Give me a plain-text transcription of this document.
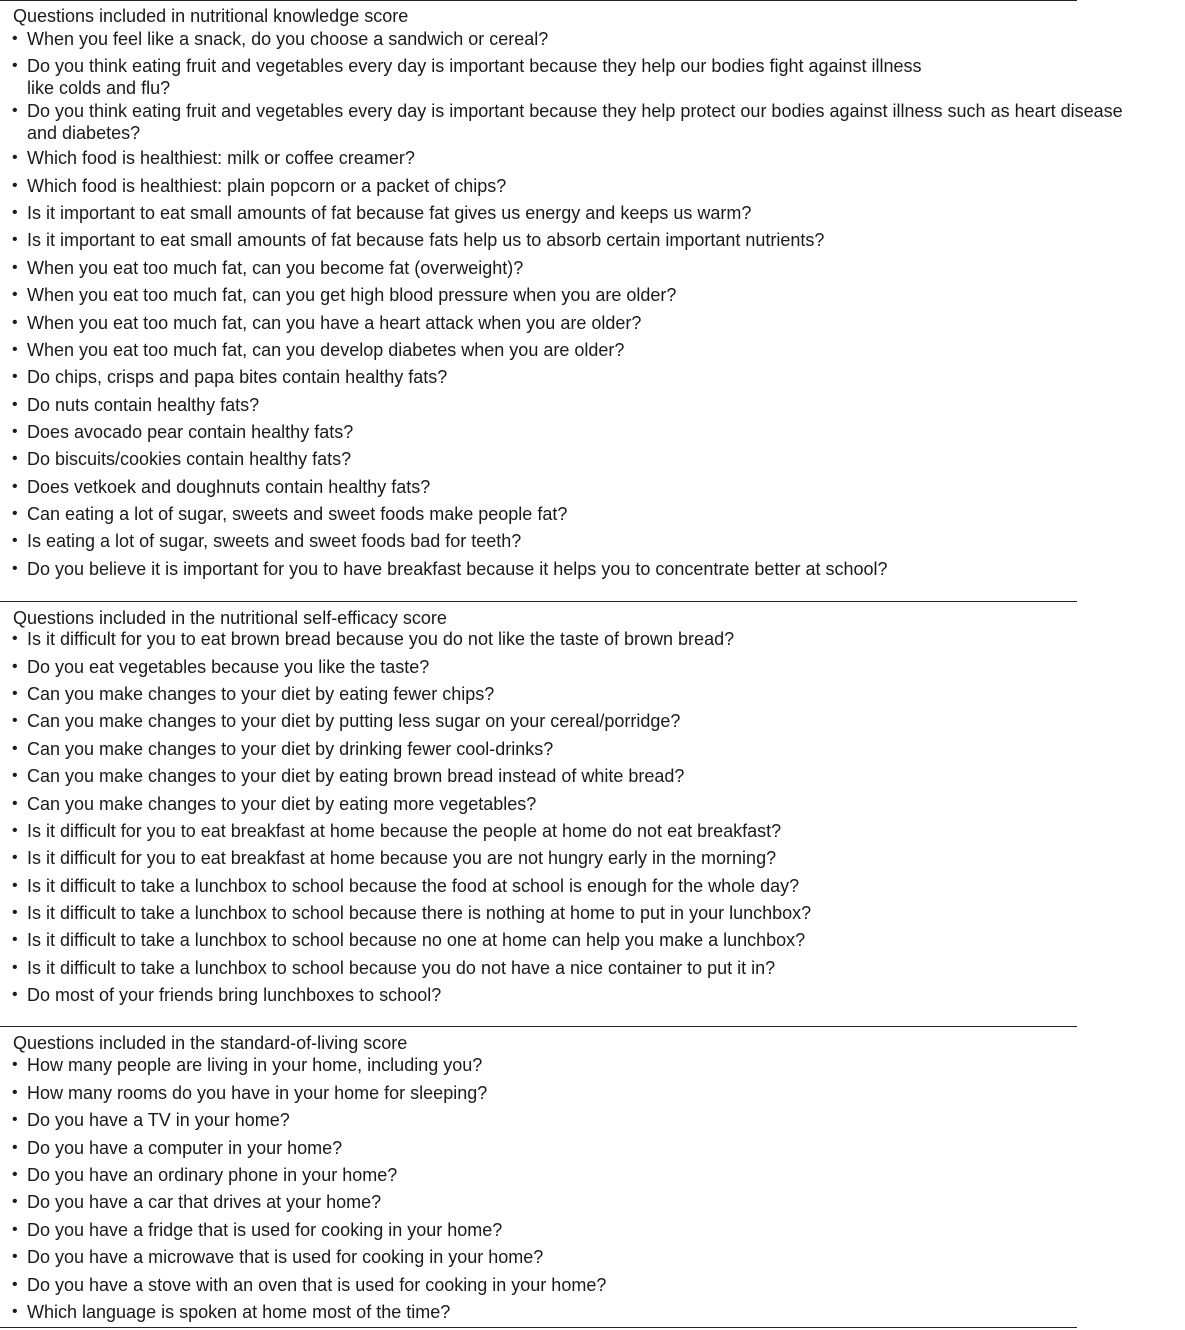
Questions included in nutritional knowledge score
• When you feel like a snack, do you choose a sandwich or cereal?
• Do you think eating fruit and vegetables every day is important because they help our bodies fight against illness
like colds and flu?
• Do you think eating fruit and vegetables every day is important because they help protect our bodies against illness such as heart disease
and diabetes?
• Which food is healthiest: milk or coffee creamer?
• Which food is healthiest: plain popcorn or a packet of chips?
• Is it important to eat small amounts of fat because fat gives us energy and keeps us warm?
• Is it important to eat small amounts of fat because fats help us to absorb certain important nutrients?
• When you eat too much fat, can you become fat (overweight)?
• When you eat too much fat, can you get high blood pressure when you are older?
• When you eat too much fat, can you have a heart attack when you are older?
• When you eat too much fat, can you develop diabetes when you are older?
• Do chips, crisps and papa bites contain healthy fats?
• Do nuts contain healthy fats?
• Does avocado pear contain healthy fats?
• Do biscuits/cookies contain healthy fats?
• Does vetkoek and doughnuts contain healthy fats?
• Can eating a lot of sugar, sweets and sweet foods make people fat?
• Is eating a lot of sugar, sweets and sweet foods bad for teeth?
• Do you believe it is important for you to have breakfast because it helps you to concentrate better at school?
Questions included in the nutritional self-efficacy score
• Is it difficult for you to eat brown bread because you do not like the taste of brown bread?
• Do you eat vegetables because you like the taste?
• Can you make changes to your diet by eating fewer chips?
• Can you make changes to your diet by putting less sugar on your cereal/porridge?
• Can you make changes to your diet by drinking fewer cool-drinks?
• Can you make changes to your diet by eating brown bread instead of white bread?
• Can you make changes to your diet by eating more vegetables?
• Is it difficult for you to eat breakfast at home because the people at home do not eat breakfast?
• Is it difficult for you to eat breakfast at home because you are not hungry early in the morning?
• Is it difficult to take a lunchbox to school because the food at school is enough for the whole day?
• Is it difficult to take a lunchbox to school because there is nothing at home to put in your lunchbox?
• Is it difficult to take a lunchbox to school because no one at home can help you make a lunchbox?
• Is it difficult to take a lunchbox to school because you do not have a nice container to put it in?
• Do most of your friends bring lunchboxes to school?
Questions included in the standard-of-living score
• How many people are living in your home, including you?
• How many rooms do you have in your home for sleeping?
• Do you have a TV in your home?
• Do you have a computer in your home?
• Do you have an ordinary phone in your home?
• Do you have a car that drives at your home?
• Do you have a fridge that is used for cooking in your home?
• Do you have a microwave that is used for cooking in your home?
• Do you have a stove with an oven that is used for cooking in your home?
• Which language is spoken at home most of the time?
